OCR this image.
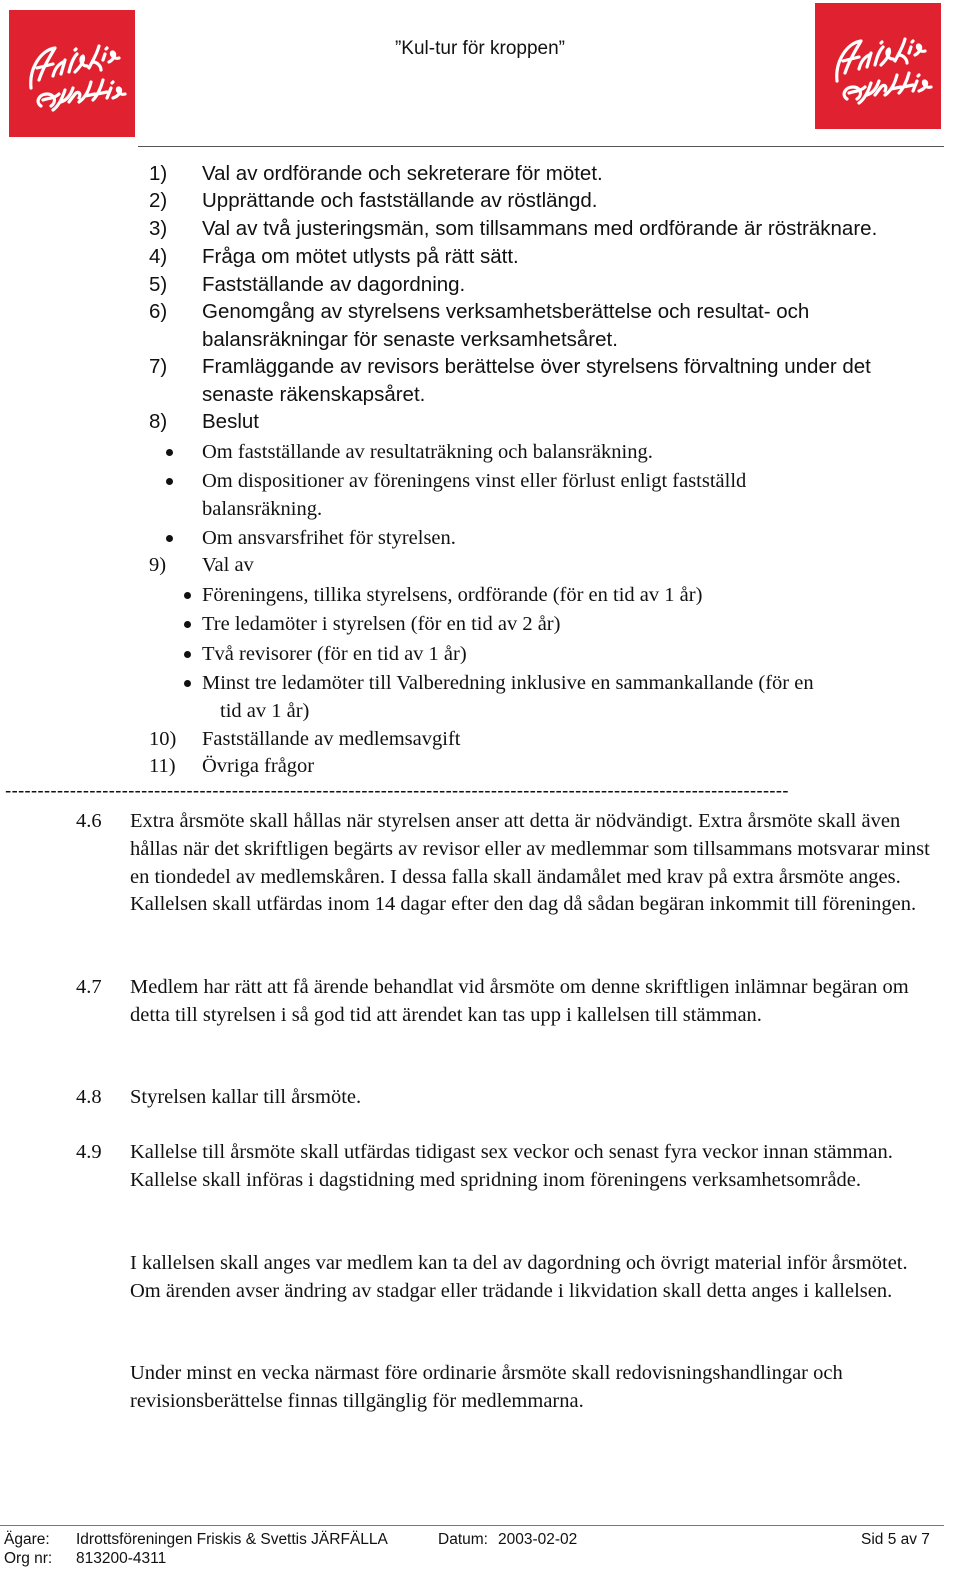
”Kul-tur för kroppen”
1) Val av ordförande och sekreterare för mötet.
2) Upprättande och fastställande av röstlängd.
3) Val av två justeringsmän, som tillsammans med ordförande är rösträknare.
4) Fråga om mötet utlysts på rätt sätt.
5) Fastställande av dagordning.
6) Genomgång av styrelsens verksamhetsberättelse och resultat- och
balansräkningar för senaste verksamhetsåret.
7) Framläggande av revisors berättelse över styrelsens förvaltning under det
senaste räkenskapsåret.
8) Beslut
Om fastställande av resultaträkning och balansräkning.
Om dispositioner av föreningens vinst eller förlust enligt fastställd
balansräkning.
Om ansvarsfrihet för styrelsen.
9) Val av
Föreningens, tillika styrelsens, ordförande (för en tid av 1 år)
Tre ledamöter i styrelsen (för en tid av 2 år)
Två revisorer (för en tid av 1 år)
Minst tre ledamöter till Valberedning inklusive en sammankallande (för en
tid av 1 år)
10) Fastställande av medlemsavgift
11) Övriga frågor
-------------------------------------------------------------------------------------------------------------------------
4.6 Extra årsmöte skall hållas när styrelsen anser att detta är nödvändigt. Extra årsmöte skall även hållas när det skriftligen begärts av revisor eller av medlemmar som tillsammans motsvarar minst en tiondedel av medlemskåren. I dessa falla skall ändamålet med krav på extra årsmöte anges. Kallelsen skall utfärdas inom 14 dagar efter den dag då sådan begäran inkommit till föreningen.
4.7 Medlem har rätt att få ärende behandlat vid årsmöte om denne skriftligen inlämnar begäran om detta till styrelsen i så god tid att ärendet kan tas upp i kallelsen till stämman.
4.8 Styrelsen kallar till årsmöte.
4.9 Kallelse till årsmöte skall utfärdas tidigast sex veckor och senast fyra veckor innan stämman. Kallelse skall införas i dagstidning med spridning inom föreningens verksamhetsområde.
I kallelsen skall anges var medlem kan ta del av dagordning och övrigt material inför årsmötet. Om ärenden avser ändring av stadgar eller trädande i likvidation skall detta anges i kallelsen.
Under minst en vecka närmast före ordinarie årsmöte skall redovisningshandlingar och revisionsberättelse finnas tillgänglig för medlemmarna.
Ägare: Idrottsföreningen Friskis & Svettis JÄRFÄLLA	Datum: 2003-02-02	Sid 5 av 7
Org nr: 813200-4311
